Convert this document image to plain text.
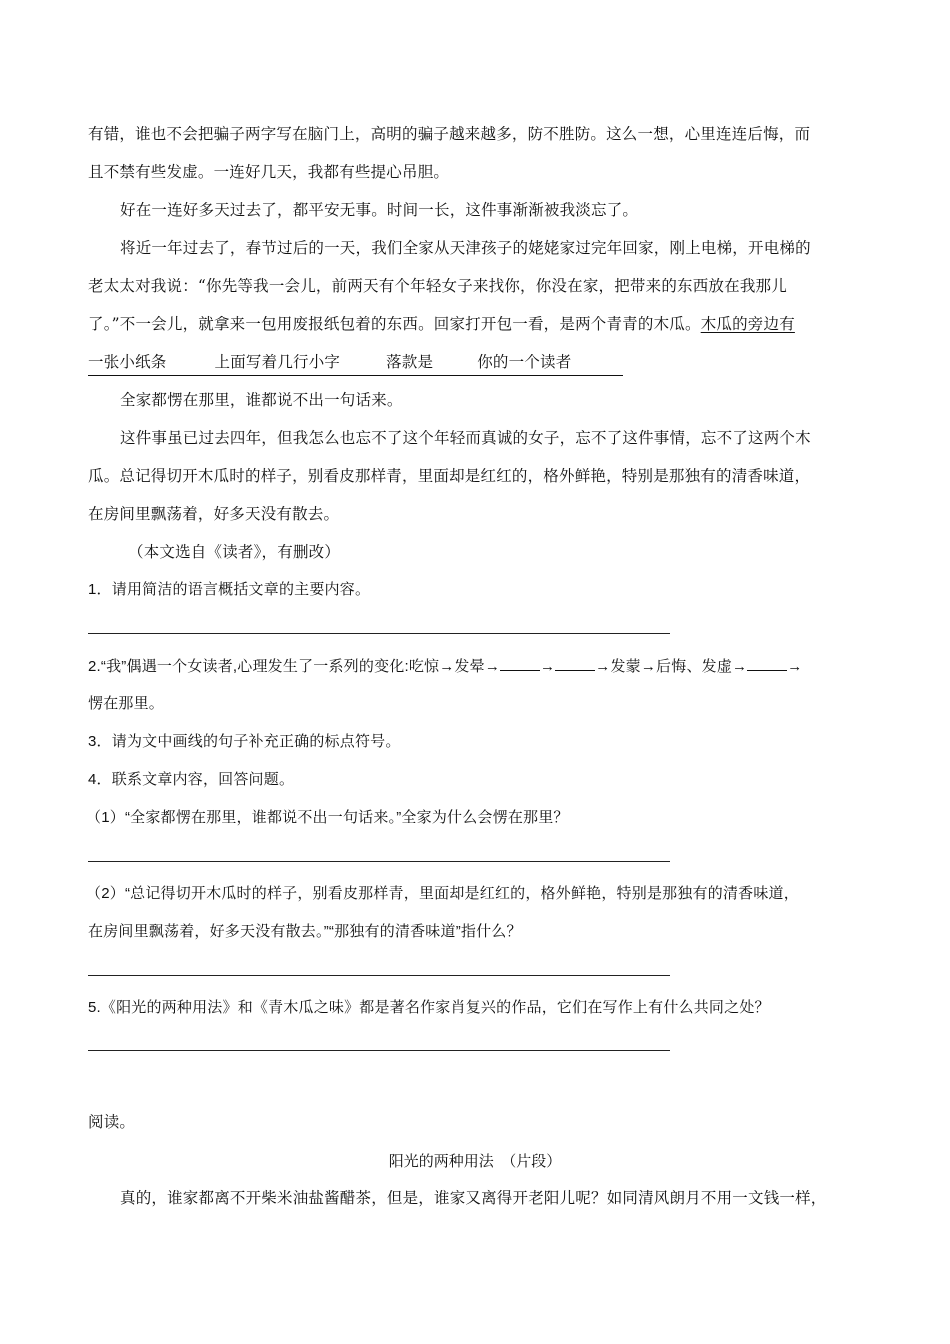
有错，谁也不会把骗子两字写在脑门上，高明的骗子越来越多，防不胜防。这么一想，心里连连后悔，而
且不禁有些发虚。一连好几天，我都有些提心吊胆。
好在一连好多天过去了，都平安无事。时间一长，这件事渐渐被我淡忘了。
将近一年过去了，春节过后的一天，我们全家从天津孩子的姥姥家过完年回家，刚上电梯，开电梯的
老太太对我说：“你先等我一会儿，前两天有个年轻女子来找你，你没在家，把带来的东西放在我那儿
了。”不一会儿，就拿来一包用废报纸包着的东西。回家打开包一看，是两个青青的木瓜。木瓜的旁边有
一张小纸条	上面写着几行小字	落款是	你的一个读者
全家都愣在那里，谁都说不出一句话来。
这件事虽已过去四年，但我怎么也忘不了这个年轻而真诚的女子，忘不了这件事情，忘不了这两个木
瓜。总记得切开木瓜时的样子，别看皮那样青，里面却是红红的，格外鲜艳，特别是那独有的清香味道，
在房间里飘荡着，好多天没有散去。
（本文选自《读者》，有删改）
1．请用简洁的语言概括文章的主要内容。
2.“我”偶遇一个女读者,心理发生了一系列的变化:吃惊→发晕→	→	→发蒙→后悔、发虚→	→
愣在那里。
3．请为文中画线的句子补充正确的标点符号。
4．联系文章内容，回答问题。
（1）“全家都愣在那里，谁都说不出一句话来。”全家为什么会愣在那里？
（2）“总记得切开木瓜时的样子，别看皮那样青，里面却是红红的，格外鲜艳，特别是那独有的清香味道，
在房间里飘荡着，好多天没有散去。”“那独有的清香味道”指什么？
5.《阳光的两种用法》和《青木瓜之味》都是著名作家肖复兴的作品，它们在写作上有什么共同之处？
阅读。
阳光的两种用法　（片段）
真的，谁家都离不开柴米油盐酱醋茶，但是，谁家又离得开老阳儿呢？如同清风朗月不用一文钱一样，
